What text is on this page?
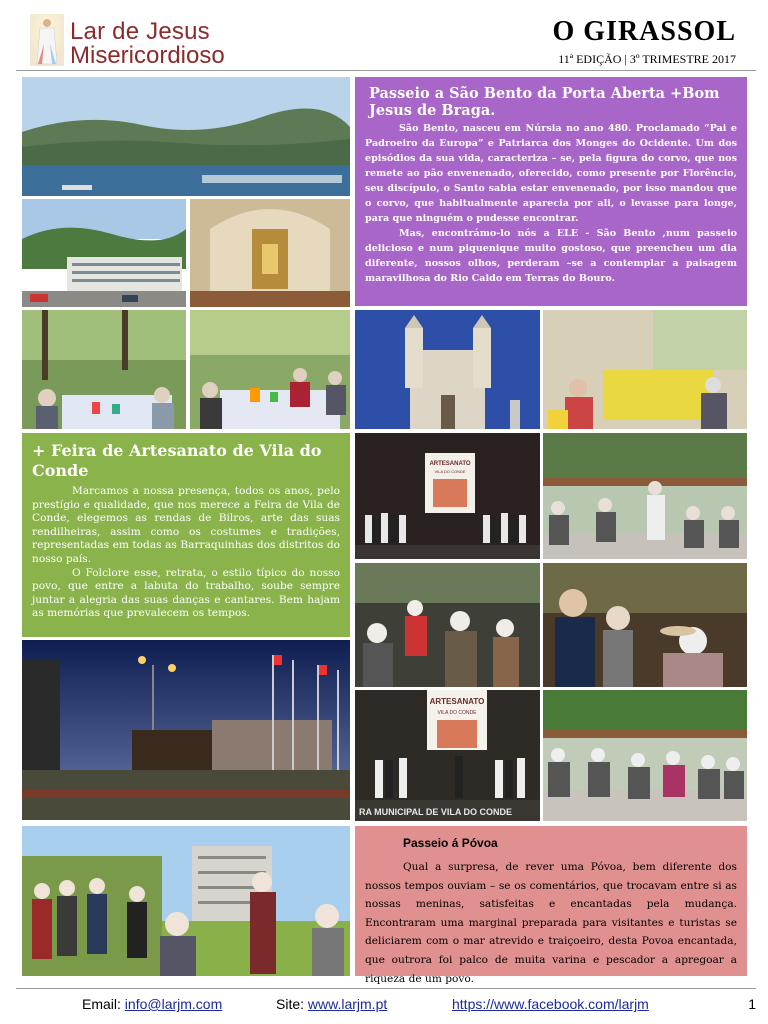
Lar de Jesus
Misericordioso
O GIRASSOL
11ª EDIÇÃO | 3º TRIMESTRE 2017
Passeio a São Bento da Porta Aberta +Bom Jesus de Braga.

São Bento, nasceu em Núrsia no ano 480. Proclamado “Pai e Padroeiro da Europa” e Patriarca dos Monges do Ocidente. Um dos episódios da sua vida, caracteriza – se, pela figura do corvo, que nos remete ao pão envenenado, oferecido, como presente por Florêncio, seu discípulo, o Santo sabia estar envenenado, por isso mandou que o corvo, que habitualmente aparecia por ali, o levasse para longe, para que ninguém o pudesse encontrar.

Mas, encontrámo-lo nós a ELE - São Bento ,num passeio delicioso e num piquenique muito gostoso, que preencheu um dia diferente, nossos olhos, perderam –se a contemplar a paisagem maravilhosa do Rio Caldo em Terras do Bouro.

+ Feira de Artesanato de Vila do Conde

Marcamos a nossa presença, todos os anos, pelo prestígio e qualidade, que nos merece a Feira de Vila de Conde, elegemos as rendas de Bilros, arte das suas rendilheiras, assim como os costumes e tradições, representadas em todas as Barraquinhas dos distritos do nosso país.

O Folclore esse, retrata, o estilo típico do nosso povo, que entre a labuta do trabalho, soube sempre juntar a alegria das suas danças e cantares. Bem hajam as memórias que prevalecem os tempos.

ARTESANATO
VILA DO CONDE
ARTESANATO
VILA DO CONDE
RA MUNICIPAL DE VILA DO CONDE
Passeio á Póvoa

Qual a surpresa, de rever uma Póvoa, bem diferente dos nossos tempos ouviam – se os comentários, que trocavam entre si as nossas meninas, satisfeitas e encantadas pela mudança. Encontraram uma marginal preparada para visitantes e turistas se deliciarem com o mar atrevido e traiçoeiro, desta Povoa encantada, que outrora foi palco de muita varina e pescador a apregoar a riqueza de um povo.

Email: info@larjm.com	Site: www.larjm.pt	https://www.facebook.com/larjm	1
